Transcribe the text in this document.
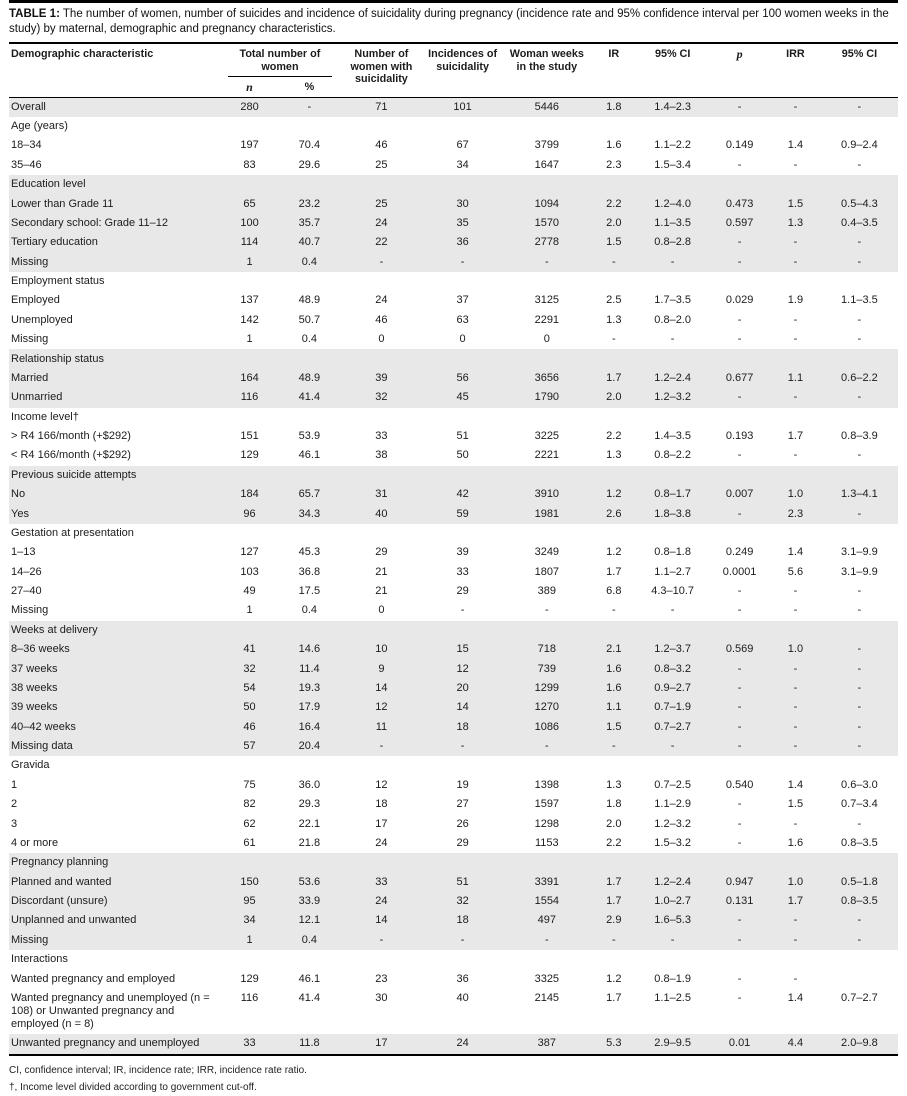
TABLE 1: The number of women, number of suicides and incidence of suicidality during pregnancy (incidence rate and 95% confidence interval per 100 women weeks in the study) by maternal, demographic and pregnancy characteristics.
Demographic characteristic	Total number of women		Number of women with suicidality	Incidences of suicidality	Woman weeks in the study	IR	95% CI	p	IRR	95% CI
	n	%								
Overall	280	-	71	101	5446	1.8	1.4–2.3	-	-	-
Age (years)										
18–34	197	70.4	46	67	3799	1.6	1.1–2.2	0.149	1.4	0.9–2.4
35–46	83	29.6	25	34	1647	2.3	1.5–3.4	-	-	-
Education level										
Lower than Grade 11	65	23.2	25	30	1094	2.2	1.2–4.0	0.473	1.5	0.5–4.3
Secondary school: Grade 11–12	100	35.7	24	35	1570	2.0	1.1–3.5	0.597	1.3	0.4–3.5
Tertiary education	114	40.7	22	36	2778	1.5	0.8–2.8	-	-	-
Missing	1	0.4	-	-	-	-	-	-	-	-
Employment status										
Employed	137	48.9	24	37	3125	2.5	1.7–3.5	0.029	1.9	1.1–3.5
Unemployed	142	50.7	46	63	2291	1.3	0.8–2.0	-	-	-
Missing	1	0.4	0	0	0	-	-	-	-	-
Relationship status										
Married	164	48.9	39	56	3656	1.7	1.2–2.4	0.677	1.1	0.6–2.2
Unmarried	116	41.4	32	45	1790	2.0	1.2–3.2	-	-	-
Income level†										
> R4 166/month (+$292)	151	53.9	33	51	3225	2.2	1.4–3.5	0.193	1.7	0.8–3.9
< R4 166/month (+$292)	129	46.1	38	50	2221	1.3	0.8–2.2	-	-	-
Previous suicide attempts										
No	184	65.7	31	42	3910	1.2	0.8–1.7	0.007	1.0	1.3–4.1
Yes	96	34.3	40	59	1981	2.6	1.8–3.8	-	2.3	-
Gestation at presentation										
1–13	127	45.3	29	39	3249	1.2	0.8–1.8	0.249	1.4	3.1–9.9
14–26	103	36.8	21	33	1807	1.7	1.1–2.7	0.0001	5.6	3.1–9.9
27–40	49	17.5	21	29	389	6.8	4.3–10.7	-	-	-
Missing	1	0.4	0	-	-	-	-	-	-	-
Weeks at delivery										
8–36 weeks	41	14.6	10	15	718	2.1	1.2–3.7	0.569	1.0	-
37 weeks	32	11.4	9	12	739	1.6	0.8–3.2	-	-	-
38 weeks	54	19.3	14	20	1299	1.6	0.9–2.7	-	-	-
39 weeks	50	17.9	12	14	1270	1.1	0.7–1.9	-	-	-
40–42 weeks	46	16.4	11	18	1086	1.5	0.7–2.7	-	-	-
Missing data	57	20.4	-	-	-	-	-	-	-	-
Gravida										
1	75	36.0	12	19	1398	1.3	0.7–2.5	0.540	1.4	0.6–3.0
2	82	29.3	18	27	1597	1.8	1.1–2.9	-	1.5	0.7–3.4
3	62	22.1	17	26	1298	2.0	1.2–3.2	-	-	-
4 or more	61	21.8	24	29	1153	2.2	1.5–3.2	-	1.6	0.8–3.5
Pregnancy planning										
Planned and wanted	150	53.6	33	51	3391	1.7	1.2–2.4	0.947	1.0	0.5–1.8
Discordant (unsure)	95	33.9	24	32	1554	1.7	1.0–2.7	0.131	1.7	0.8–3.5
Unplanned and unwanted	34	12.1	14	18	497	2.9	1.6–5.3	-	-	-
Missing	1	0.4	-	-	-	-	-	-	-	-
Interactions										
Wanted pregnancy and employed	129	46.1	23	36	3325	1.2	0.8–1.9	-	-	
Wanted pregnancy and unemployed (n = 108) or Unwanted pregnancy and employed (n = 8)	116	41.4	30	40	2145	1.7	1.1–2.5	-	1.4	0.7–2.7
Unwanted pregnancy and unemployed	33	11.8	17	24	387	5.3	2.9–9.5	0.01	4.4	2.0–9.8
CI, confidence interval; IR, incidence rate; IRR, incidence rate ratio.
†, Income level divided according to government cut-off.
